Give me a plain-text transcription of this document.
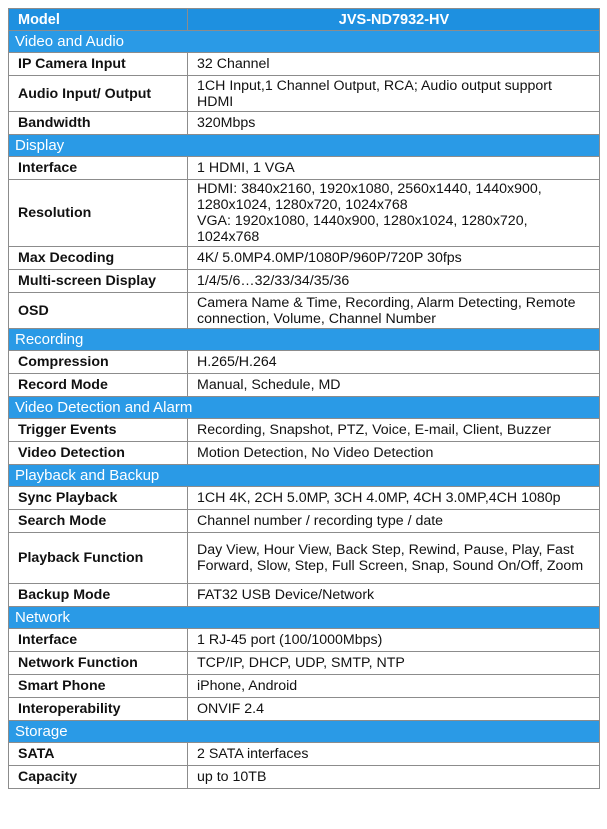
Model	JVS-ND7932-HV
Video and Audio	
IP Camera Input	32 Channel
Audio Input/ Output	1CH Input,1 Channel Output, RCA; Audio output support HDMI
Bandwidth	320Mbps
Display	
Interface	1 HDMI, 1 VGA
Resolution	HDMI: 3840x2160, 1920x1080, 2560x1440, 1440x900, 1280x1024, 1280x720, 1024x768
VGA: 1920x1080, 1440x900, 1280x1024, 1280x720, 1024x768

Max Decoding	4K/ 5.0MP4.0MP/1080P/960P/720P 30fps
Multi-screen Display	1/4/5/6…32/33/34/35/36
OSD	Camera Name & Time, Recording, Alarm Detecting, Remote connection, Volume, Channel Number
Recording	
Compression	H.265/H.264
Record Mode	Manual, Schedule, MD
Video Detection and Alarm	
Trigger Events	Recording, Snapshot, PTZ, Voice, E-mail, Client, Buzzer
Video Detection	Motion Detection, No Video Detection
Playback and Backup	
Sync Playback	1CH 4K, 2CH 5.0MP, 3CH 4.0MP, 4CH 3.0MP,4CH 1080p
Search Mode	Channel number / recording type / date
Playback Function	Day View, Hour View, Back Step, Rewind, Pause, Play, Fast Forward, Slow, Step, Full Screen, Snap, Sound On/Off, Zoom
Backup Mode	FAT32 USB Device/Network
Network	
Interface	1 RJ-45 port (100/1000Mbps)
Network Function	TCP/IP, DHCP, UDP, SMTP, NTP
Smart Phone	iPhone, Android
Interoperability	ONVIF 2.4
Storage	
SATA	2 SATA interfaces
Capacity	up to 10TB
